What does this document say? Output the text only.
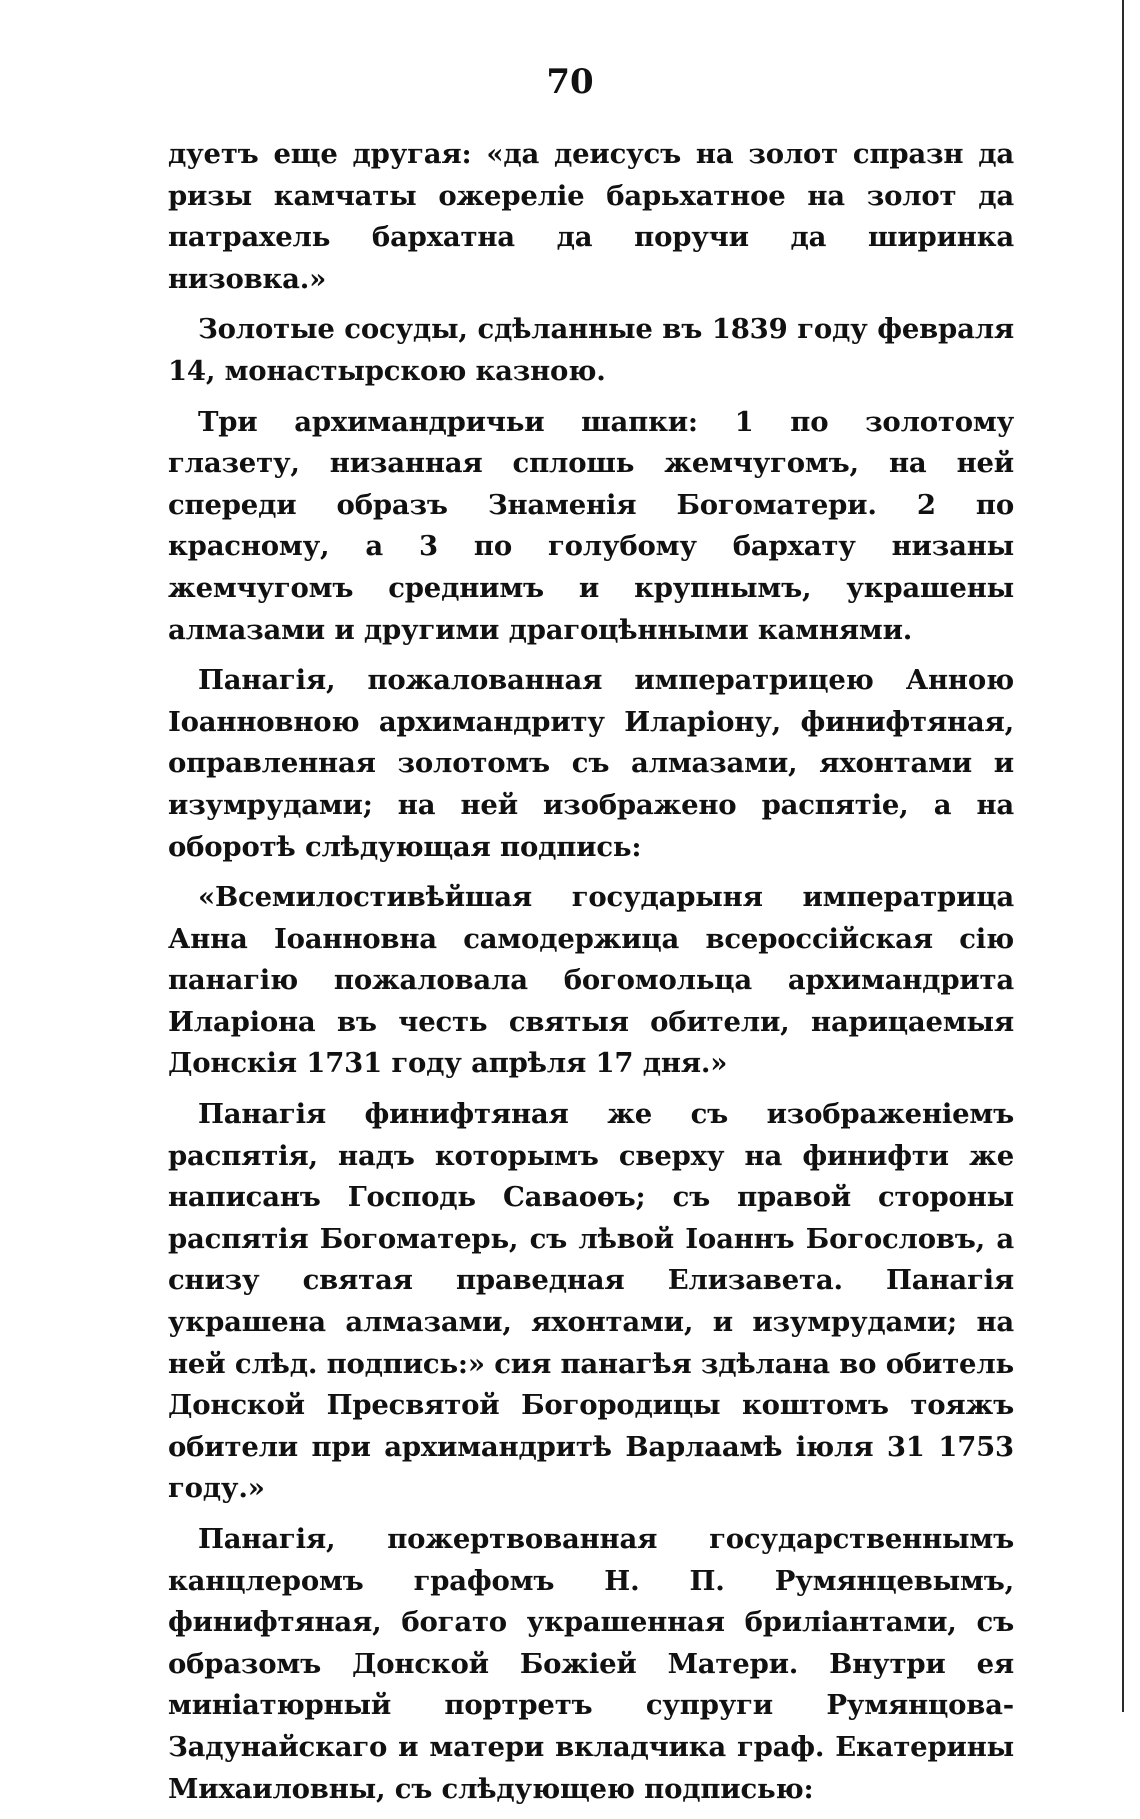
70

дуетъ еще другая: «да деисусъ на золот спразн да ризы камчаты ожереліе барьхатное на золот да патрахель бархатна да поручи да ширинка низовка.»

Золотые сосуды, сдѣланные въ 1839 году февраля 14, монастырскою казною.

Три архимандричьи шапки: 1 по золотому глазету, низанная сплошь жемчугомъ, на ней спереди образъ Знаменія Богоматери. 2 по красному, а 3 по голубому бархату низаны жемчугомъ среднимъ и крупнымъ, украшены алмазами и другими драгоцѣнными камнями.

Панагія, пожалованная императрицею Анною Іоанновною архимандриту Иларіону, финифтяная, оправленная золотомъ съ алмазами, яхонтами и изумрудами; на ней изображено распятіе, а на оборотѣ слѣдующая подпись:

«Всемилостивѣйшая государыня императрица Анна Іоанновна самодержица всероссійская сію панагію пожаловала богомольца архимандрита Иларіона въ честь святыя обители, нарицаемыя Донскія 1731 году апрѣля 17 дня.»

Панагія финифтяная же съ изображеніемъ распятія, надъ которымъ сверху на финифти же написанъ Господь Саваоѳъ; съ правой стороны распятія Богоматерь, съ лѣвой Іоаннъ Богословъ, а снизу святая праведная Елизавета. Панагія украшена алмазами, яхонтами, и изумрудами; на ней слѣд. подпись:» сия панагѣя здѣлана во обитель Донской Пресвятой Богородицы коштомъ тояжъ обители при архимандритѣ Варлаамѣ іюля 31 1753 году.»

Панагія, пожертвованная государственнымъ канцлеромъ графомъ Н. П. Румянцевымъ, финифтяная, богато украшенная бриліантами, съ образомъ Донской Божіей Матери. Внутри ея миніатюрный портретъ супруги Румянцова-Задунайскаго и матери вкладчика граф. Екатерины Михаиловны, съ слѣдующею подписью:
